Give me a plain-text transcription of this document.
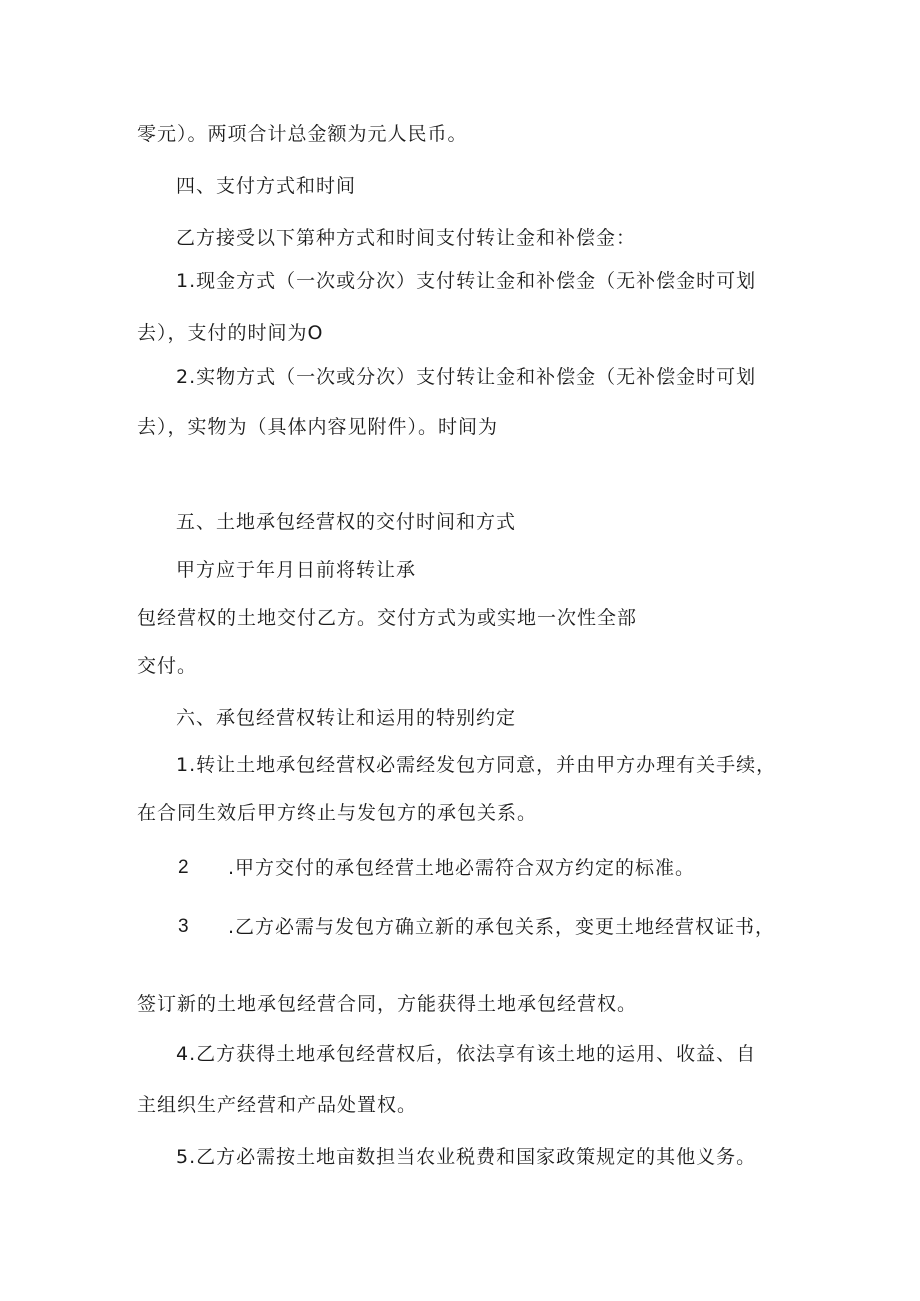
零元）。两项合计总金额为元人民币。
四、支付方式和时间
乙方接受以下第种方式和时间支付转让金和补偿金：
1.现金方式（一次或分次）支付转让金和补偿金（无补偿金时可划
去），支付的时间为O
2.实物方式（一次或分次）支付转让金和补偿金（无补偿金时可划
去），实物为（具体内容见附件）。时间为
五、土地承包经营权的交付时间和方式
甲方应于年月日前将转让承
包经营权的土地交付乙方。交付方式为或实地一次性全部
交付。
六、承包经营权转让和运用的特别约定
1.转让土地承包经营权必需经发包方同意，并由甲方办理有关手续，
在合同生效后甲方终止与发包方的承包关系。
2 .甲方交付的承包经营土地必需符合双方约定的标准。
3 .乙方必需与发包方确立新的承包关系，变更土地经营权证书，
签订新的土地承包经营合同，方能获得土地承包经营权。
4.乙方获得土地承包经营权后，依法享有该土地的运用、收益、自
主组织生产经营和产品处置权。
5.乙方必需按土地亩数担当农业税费和国家政策规定的其他义务。
